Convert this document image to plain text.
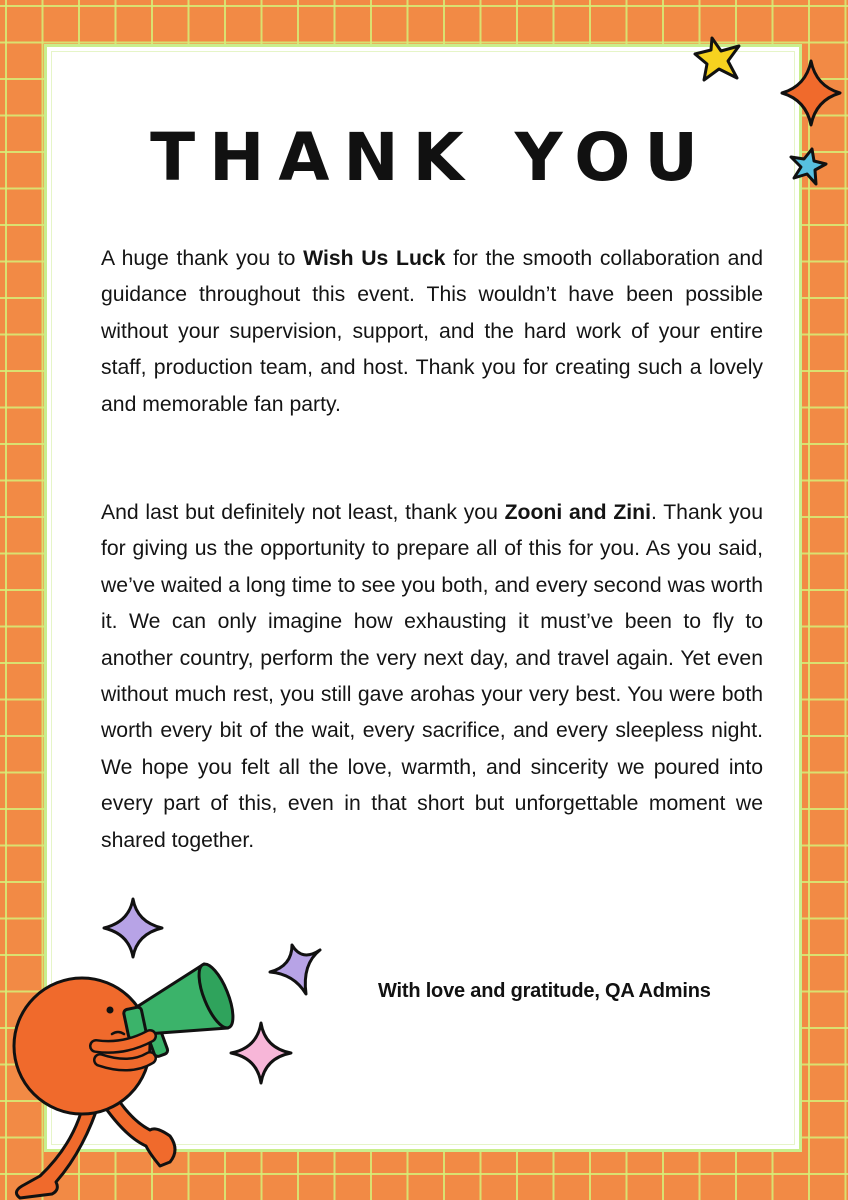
THANK YOU

A huge thank you to Wish Us Luck for the smooth collaboration and guidance throughout this event. This wouldn’t have been possible without your supervision, support, and the hard work of your entire staff, production team, and host. Thank you for creating such a lovely and memorable fan party.

And last but definitely not least, thank you Zooni and Zini. Thank you for giving us the opportunity to prepare all of this for you. As you said, we’ve waited a long time to see you both, and every second was worth it. We can only imagine how exhausting it must’ve been to fly to another country, perform the very next day, and travel again. Yet even without much rest, you still gave arohas your very best. You were both worth every bit of the wait, every sacrifice, and every sleepless night. We hope you felt all the love, warmth, and sincerity we poured into every part of this, even in that short but unforgettable moment we shared together.

With love and gratitude, QA Admins
